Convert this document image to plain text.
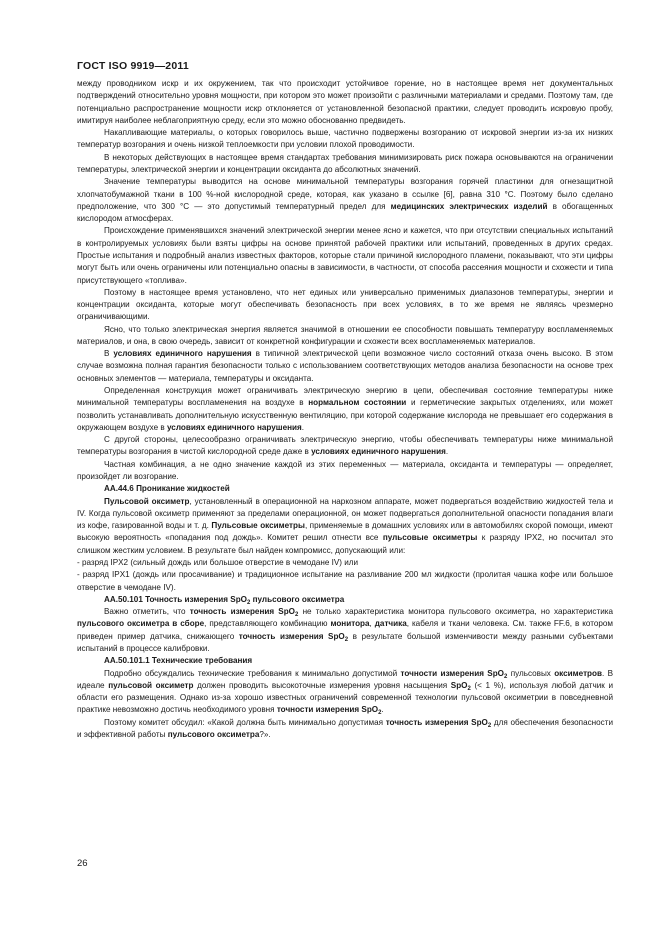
ГОСТ ISO 9919—2011

между проводником искр и их окружением, так что происходит устойчивое горение, но в настоящее время нет документальных подтверждений относительно уровня мощности, при котором это может произойти с различными материалами и средами. Поэтому там, где потенциально распространение мощности искр отклоняется от установленной безопасной практики, следует проводить искровую пробу, имитируя наиболее неблагоприятную среду, если это можно обоснованно предвидеть.

Накапливающие материалы, о которых говорилось выше, частично подвержены возгоранию от искровой энергии из-за их низких температур возгорания и очень низкой теплоемкости при условии плохой проводимости.

В некоторых действующих в настоящее время стандартах требования минимизировать риск пожара основываются на ограничении температуры, электрической энергии и концентрации оксиданта до абсолютных значений.

Значение температуры выводится на основе минимальной температуры возгорания горячей пластинки для огнезащитной хлопчатобумажной ткани в 100 %-ной кислородной среде, которая, как указано в ссылке [6], равна 310 °С. Поэтому было сделано предположение, что 300 °С — это допустимый температурный предел для медицинских электрических изделий в обогащенных кислородом атмосферах.

Происхождение применявшихся значений электрической энергии менее ясно и кажется, что при отсутствии специальных испытаний в контролируемых условиях были взяты цифры на основе принятой рабочей практики или испытаний, проведенных в других средах. Простые испытания и подробный анализ известных факторов, которые стали причиной кислородного пламени, показывают, что эти цифры могут быть или очень ограничены или потенциально опасны в зависимости, в частности, от способа рассеяния мощности и схожести и типа присутствующего «топлива».

Поэтому в настоящее время установлено, что нет единых или универсально применимых диапазонов температуры, энергии и концентрации оксиданта, которые могут обеспечивать безопасность при всех условиях, в то же время не являясь чрезмерно ограничивающими.

Ясно, что только электрическая энергия является значимой в отношении ее способности повышать температуру воспламеняемых материалов, и она, в свою очередь, зависит от конкретной конфигурации и схожести всех воспламеняемых материалов.

В условиях единичного нарушения в типичной электрической цепи возможное число состояний отказа очень высоко. В этом случае возможна полная гарантия безопасности только с использованием соответствующих методов анализа безопасности на основе трех основных элементов — материала, температуры и оксиданта.

Определенная конструкция может ограничивать электрическую энергию в цепи, обеспечивая состояние температуры ниже минимальной температуры воспламенения на воздухе в нормальном состоянии и герметические закрытых отделениях, или может позволить устанавливать дополнительную искусственную вентиляцию, при которой содержание кислорода не превышает его содержания в окружающем воздухе в условиях единичного нарушения.

С другой стороны, целесообразно ограничивать электрическую энергию, чтобы обеспечивать температуры ниже минимальной температуры возгорания в чистой кислородной среде даже в условиях единичного нарушения.

Частная комбинация, а не одно значение каждой из этих переменных — материала, оксиданта и температуры — определяет, произойдет ли возгорание.

АА.44.6 Проникание жидкостей

Пульсовой оксиметр, установленный в операционной на наркозном аппарате, может подвергаться воздействию жидкостей тела и IV. Когда пульсовой оксиметр применяют за пределами операционной, он может подвергаться дополнительной опасности попадания влаги из кофе, газированной воды и т. д. Пульсовые оксиметры, применяемые в домашних условиях или в автомобилях скорой помощи, имеют высокую вероятность «попадания под дождь». Комитет решил отнести все пульсовые оксиметры к разряду IPX2, но посчитал это слишком жестким условием. В результате был найден компромисс, допускающий или:

- разряд IPX2 (сильный дождь или большое отверстие в чемодане IV) или

- разряд IPX1 (дождь или просачивание) и традиционное испытание на разливание 200 мл жидкости (пролитая чашка кофе или большое отверстие в чемодане IV).

АА.50.101 Точность измерения SpO$_2$ пульсового оксиметра

Важно отметить, что точность измерения SpO$_2$ не только характеристика монитора пульсового оксиметра, но характеристика пульсового оксиметра в сборе, представляющего комбинацию монитора, датчика, кабеля и ткани человека. См. также FF.6, в котором приведен пример датчика, снижающего точность измерения SpO$_2$ в результате большой изменчивости между разными субъектами испытаний в процессе калибровки.

АА.50.101.1 Технические требования

Подробно обсуждались технические требования к минимально допустимой точности измерения SpO$_2$ пульсовых оксиметров. В идеале пульсовой оксиметр должен проводить высокоточные измерения уровня насыщения SpO$_2$ (< 1 %), используя любой датчик и области его размещения. Однако из-за хорошо известных ограничений современной технологии пульсовой оксиметрии в повседневной практике невозможно достичь необходимого уровня точности измерения SpO$_2$.

Поэтому комитет обсудил: «Какой должна быть минимально допустимая точность измерения SpO$_2$ для обеспечения безопасности и эффективной работы пульсового оксиметра?».

26
